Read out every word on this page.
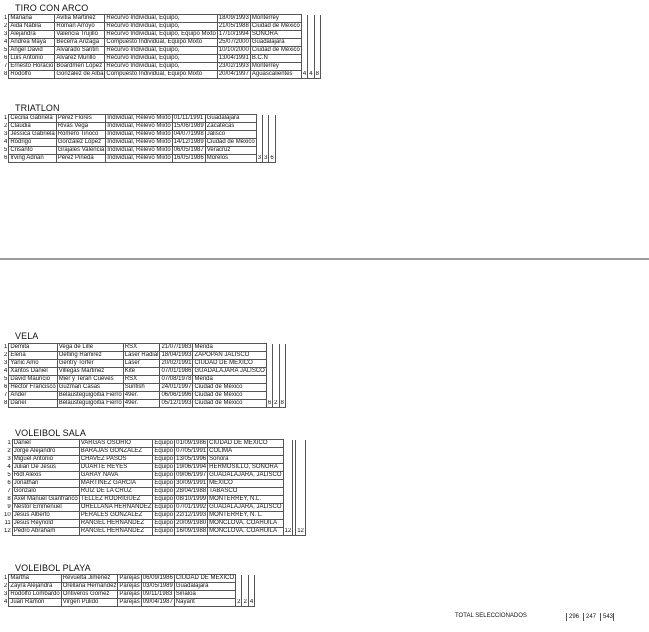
TIRO CON ARCO
1	Mariana	Avitia Martinez	Recurvo Individual, Equipo,	18/09/1993	Monterrey			
2	Aida Nabila	Roman Arroyo	Recurvo Individual, Equipo,	21/05/1988	Ciudad de México			
3	Alejandra	Valencia Trujillo	Recurvo Individual, Equipo, Equipo Mixto	17/10/1994	SONORA			
4	Andrea Maya	Becerra Arizaga	Compuesto Individual, Equipo Mixto	25/07/2000	Guadalajara			
5	Ángel David	Alvarado Santin	Recurvo Individual, Equipo,	10/10/2000	Ciudad de México			
6	Luis Antonio	Alvarez Murillo	Recurvo Individual, Equipo,	13/04/1991	B.C.N			
7	Ernesto Horacio	Boardmen López	Recurvo Individual, Equipo,	23/02/1993	Monterrey			
8	Rodolfo	González de Alba	Compuesto Individual, Equipo Mixto	20/04/1997	Aguascalientes	4	4	8
TRIATLON
1	Cecilia Gabriela	Pérez Flores	Individual, Relevo Mixto	01/11/1991	Guadalajara			
2	Claudia	Rivas Vega	Individual, Relevo Mixto	15/06/1989	Zacatecas			
3	Jessica Gabriela	Romero Tinoco	Individual, Relevo Mixto	04/07/1998	Jalisco			
4	Rodrigo	González López	Individual, Relevo Mixto	14/12/1989	Ciudad de México			
5	Crisanto	Grajales Valencia	Individual, Relevo Mixto	06/05/1987	Veracruz			
6	Irving Adrian	Pérez Pineda	Individual, Relevo Mixto	16/05/1986	Morelos	3	3	6
VELA
1	Demita	Vega de Lille	RSX	21/07/1983	Merida			
2	Elena	Oetling Ramirez	Laser Radial	18/04/1993	ZAPOPAN JALISCO			
3	Yanic Amo	Gentry Torfer	Laser	20/02/1991	CIUDAD DE MEXICO			
4	Xantos Daniel	Villegas Martinez	Kite	07/01/1986	GUADALAJARA JALISCO			
5	David Mauricio	Mier y Teran Cueves	RSX	07/08/1978	Merida			
6	Héctor Francisco	Guzman Casas	Sunfish	24/01/1997	Ciudad de México			
7	Ander	Belausteguigoitia Fierro	49er.	06/06/1996	Ciudad de México			
8	Danel	Belausteguigoitia Fierro	49er.	05/12/1993	Ciudad de México	6	2	8
VOLEIBOL SALA
1	Daniel	VARGAS OSORIO	Equipo	01/09/1986	CIUDAD DE MEXICO			
2	Jorge Alejandro	BARAJAS GONZALEZ	Equipo	07/05/1991	COLIMA			
3	Miguel Antonio	CHAVEZ PASOS	Equipo	13/05/1996	Sonora			
4	Julian De Jesus	DUARTE REYES	Equipo	19/06/1994	HERMOSILLO, SONORA			
5	Ridl Alexis	GARAY NAVA	Equipo	09/06/1997	GUADALAJARA, JALISCO			
6	Jonathan	MARTINEZ GARCIA	Equipo	30/09/1991	MEXICO			
7	Gonzalo	RUIZ DE LA CRUZ	Equipo	28/04/1988	TABASCO			
8	Axel Manuel Gianfranco	TELLEZ RODRIGUEZ	Equipo	08/10/1999	MONTERREY, N.L.			
9	Nestor Emmenuel	ORELLANA HERNANDEZ	Equipo	07/01/1992	GUADALAJARA, JALISCO			
10	Jesus Alberto	PERALES GONZALEZ	Equipo	22/12/1993	MONTERREY, N. L.			
11	Jesus Reynold	RANGEL HERNANDEZ	Equipo	20/09/1980	MONCLOVA, COAHUILA			
12	Pedro Abraham	RANGEL HERNANDEZ	Equipo	16/09/1988	MONCLOVA, COAHUILA	12		12
VOLEIBOL PLAYA
1	Martha	Revuelta Jiménez	Parejas	06/09/1986	CIUDAD DE MÉXICO			
2	Zayra Alejandra	Orellana Hernández	Parejas	03/05/1989	Guadalajara			
3	Rodolfo Lombardo	Ontiveros Gómez	Parejas	09/11/1983	Sinaloa			
4	Juan Ramón	Virgen Pulido	Parejas	09/04/1987	Nayarit	2	2	4
TOTAL SELECCIONADOS	296	247	543
